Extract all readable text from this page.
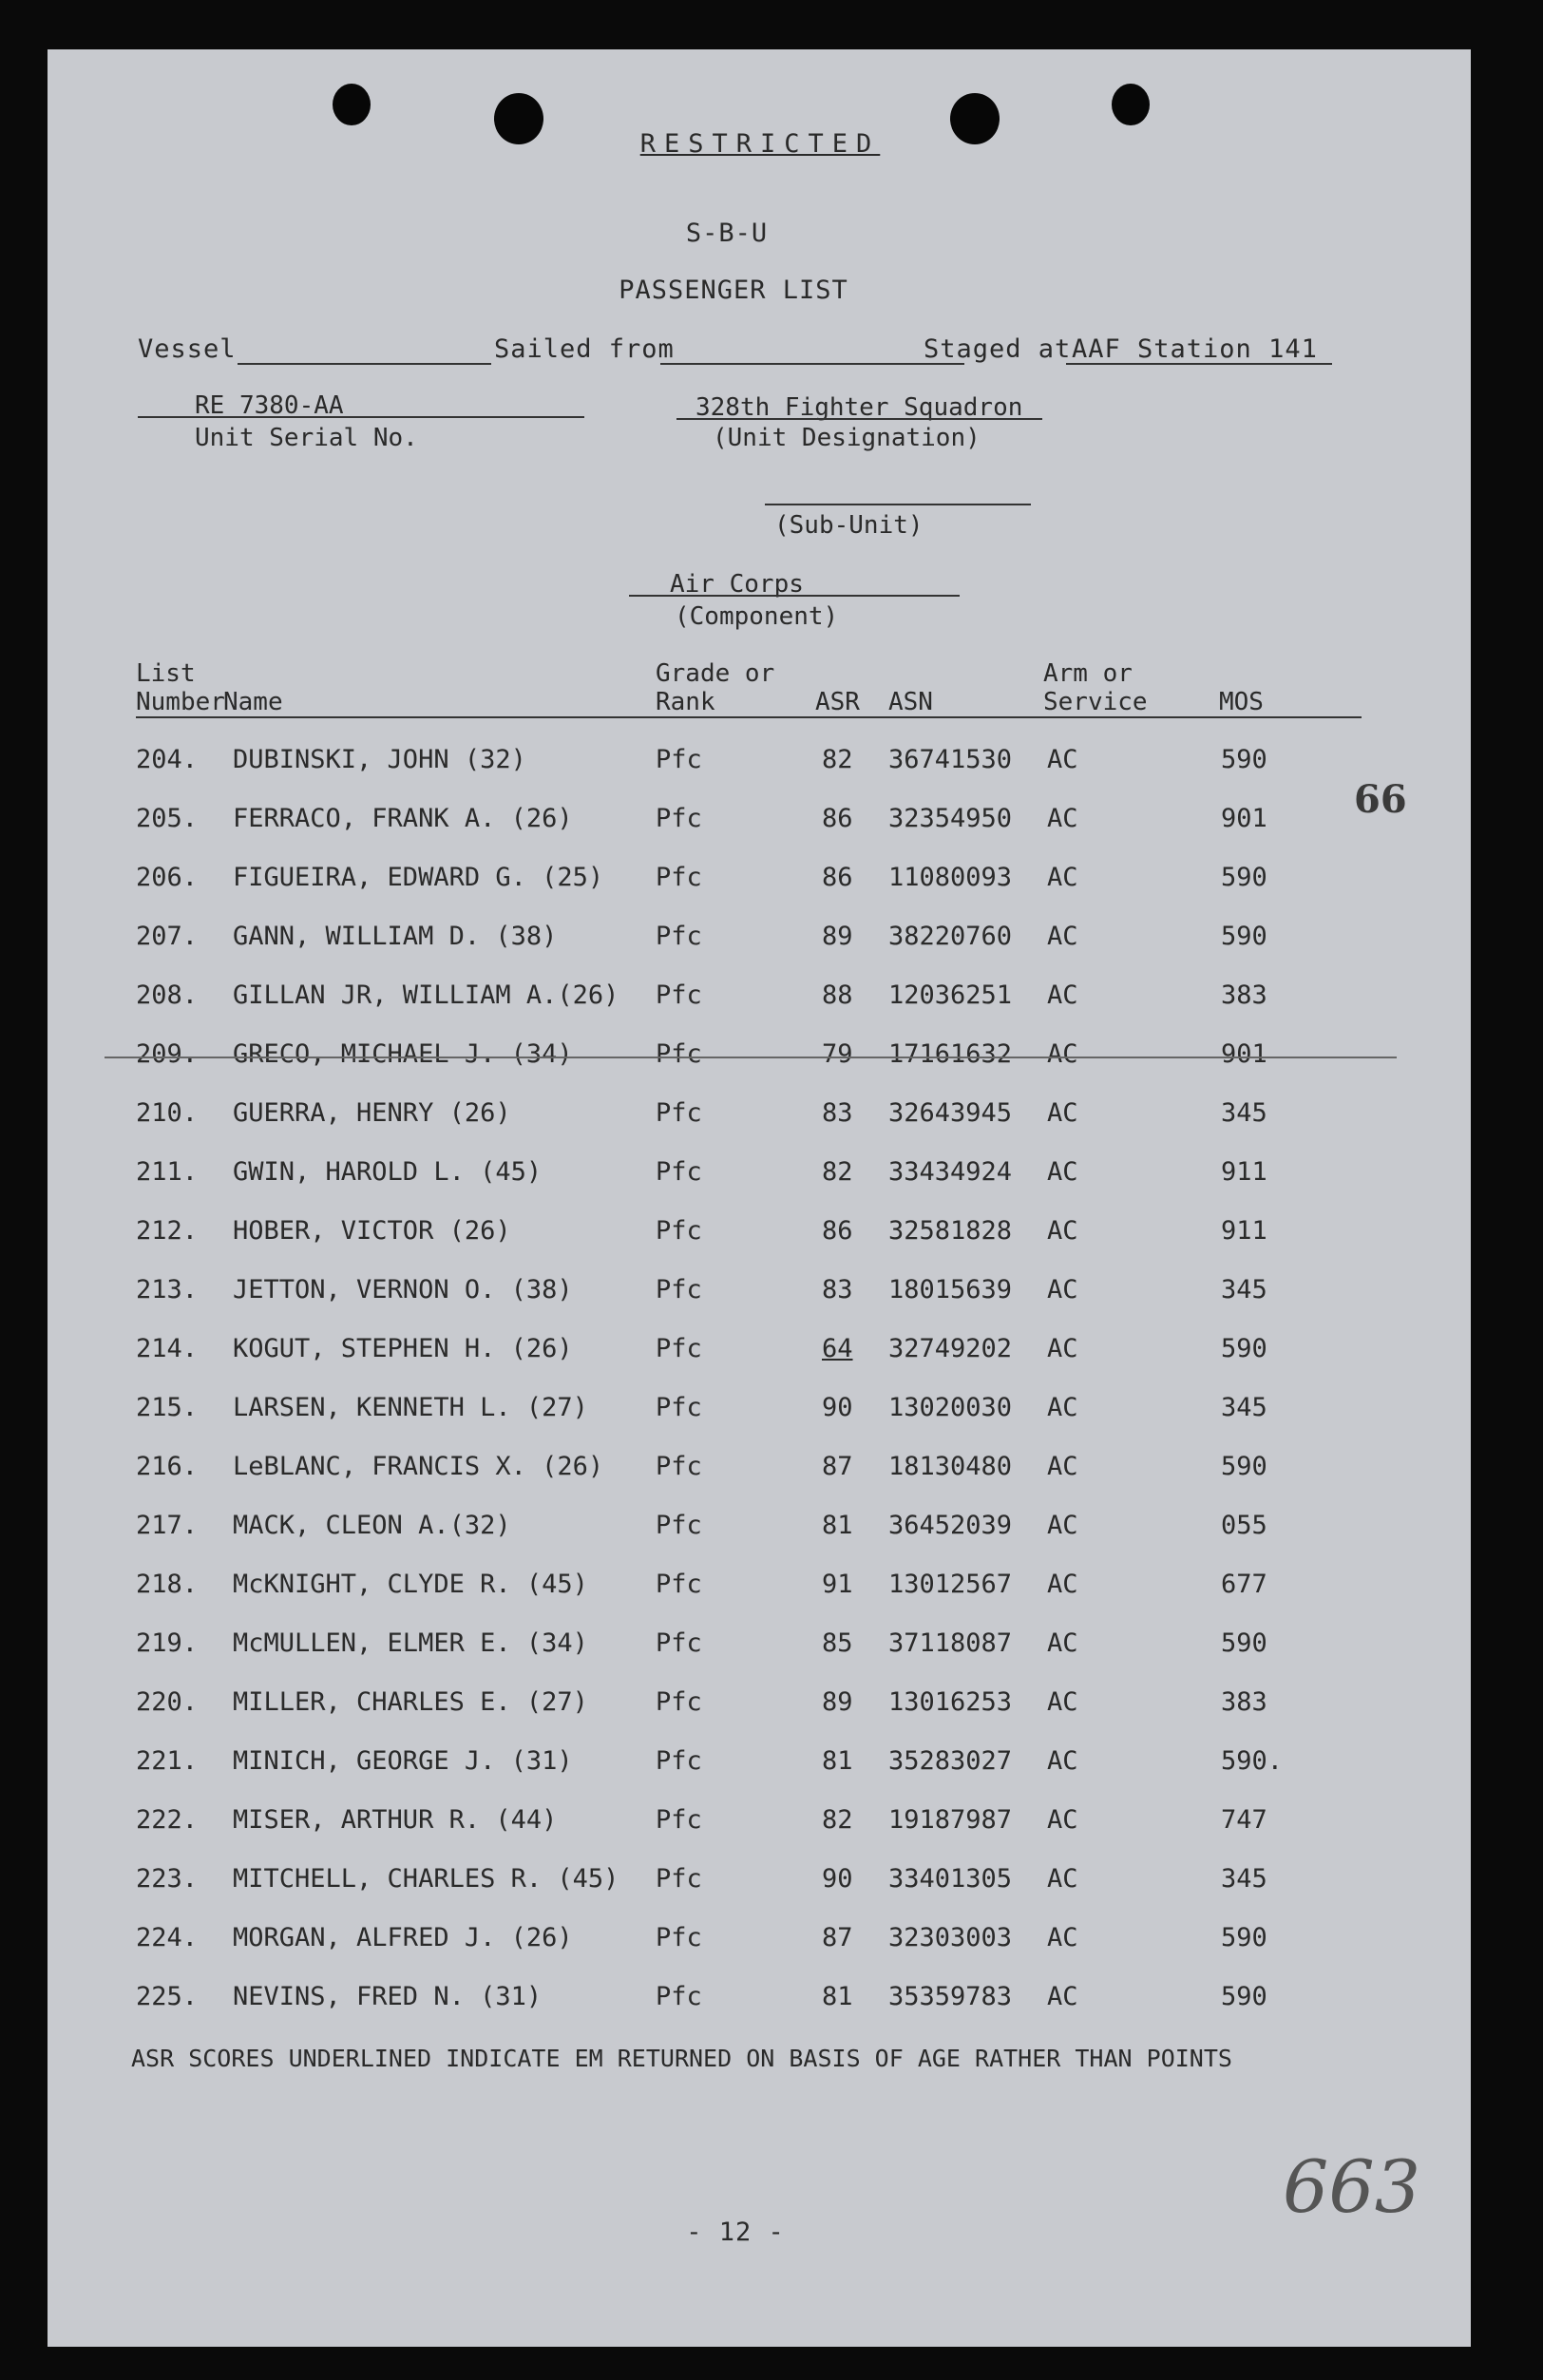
RESTRICTED
S-B-U
PASSENGER LIST
Vessel	Sailed from	Staged at AAF Station 141
RE 7380-AA
Unit Serial No.
328th Fighter Squadron
(Unit Designation)
(Sub-Unit)
Air Corps
(Component)
List Number
Name
Grade or Rank	ASR ASN
Arm or Service	MOS
204. DUBINSKI, JOHN (32)	Pfc	82 36741530 AC	590
205. FERRACO, FRANK A. (26)	Pfc	86 32354950 AC	901
206. FIGUEIRA, EDWARD G. (25) Pfc	86 11080093 AC	590
207. GANN, WILLIAM D. (38)	Pfc	89 38220760 AC	590
208. GILLAN JR, WILLIAM A.(26) Pfc	88 12036251 AC	383
209. GRECO, MICHAEL J. (34)	Pfc	79 17161632 AC	901
210. GUERRA, HENRY (26)	Pfc	83 32643945 AC	345
211. GWIN, HAROLD L. (45)	Pfc	82 33434924 AC	911
212. HOBER, VICTOR (26)	Pfc	86 32581828 AC	911
213. JETTON, VERNON O. (38)	Pfc	83 18015639 AC	345
214. KOGUT, STEPHEN H. (26)	Pfc	64 32749202 AC	590
215. LARSEN, KENNETH L. (27)	Pfc	90 13020030 AC	345
216. LeBLANC, FRANCIS X. (26) Pfc	87 18130480 AC	590
217. MACK, CLEON A.(32)	Pfc	81 36452039 AC	055
218. McKNIGHT, CLYDE R. (45)	Pfc	91 13012567 AC	677
219. McMULLEN, ELMER E. (34)	Pfc	85 37118087 AC	590
220. MILLER, CHARLES E. (27)	Pfc	89 13016253 AC	383
221. MINICH, GEORGE J. (31)	Pfc	81 35283027 AC	590.
222. MISER, ARTHUR R. (44)	Pfc	82 19187987 AC	747
223. MITCHELL, CHARLES R. (45) Pfc	90 33401305 AC	345
224. MORGAN, ALFRED J. (26)	Pfc	87 32303003 AC	590
225. NEVINS, FRED N. (31)	Pfc	81 35359783 AC	590
66
ASR SCORES UNDERLINED INDICATE EM RETURNED ON BASIS OF AGE RATHER THAN POINTS
- 12 -
663
